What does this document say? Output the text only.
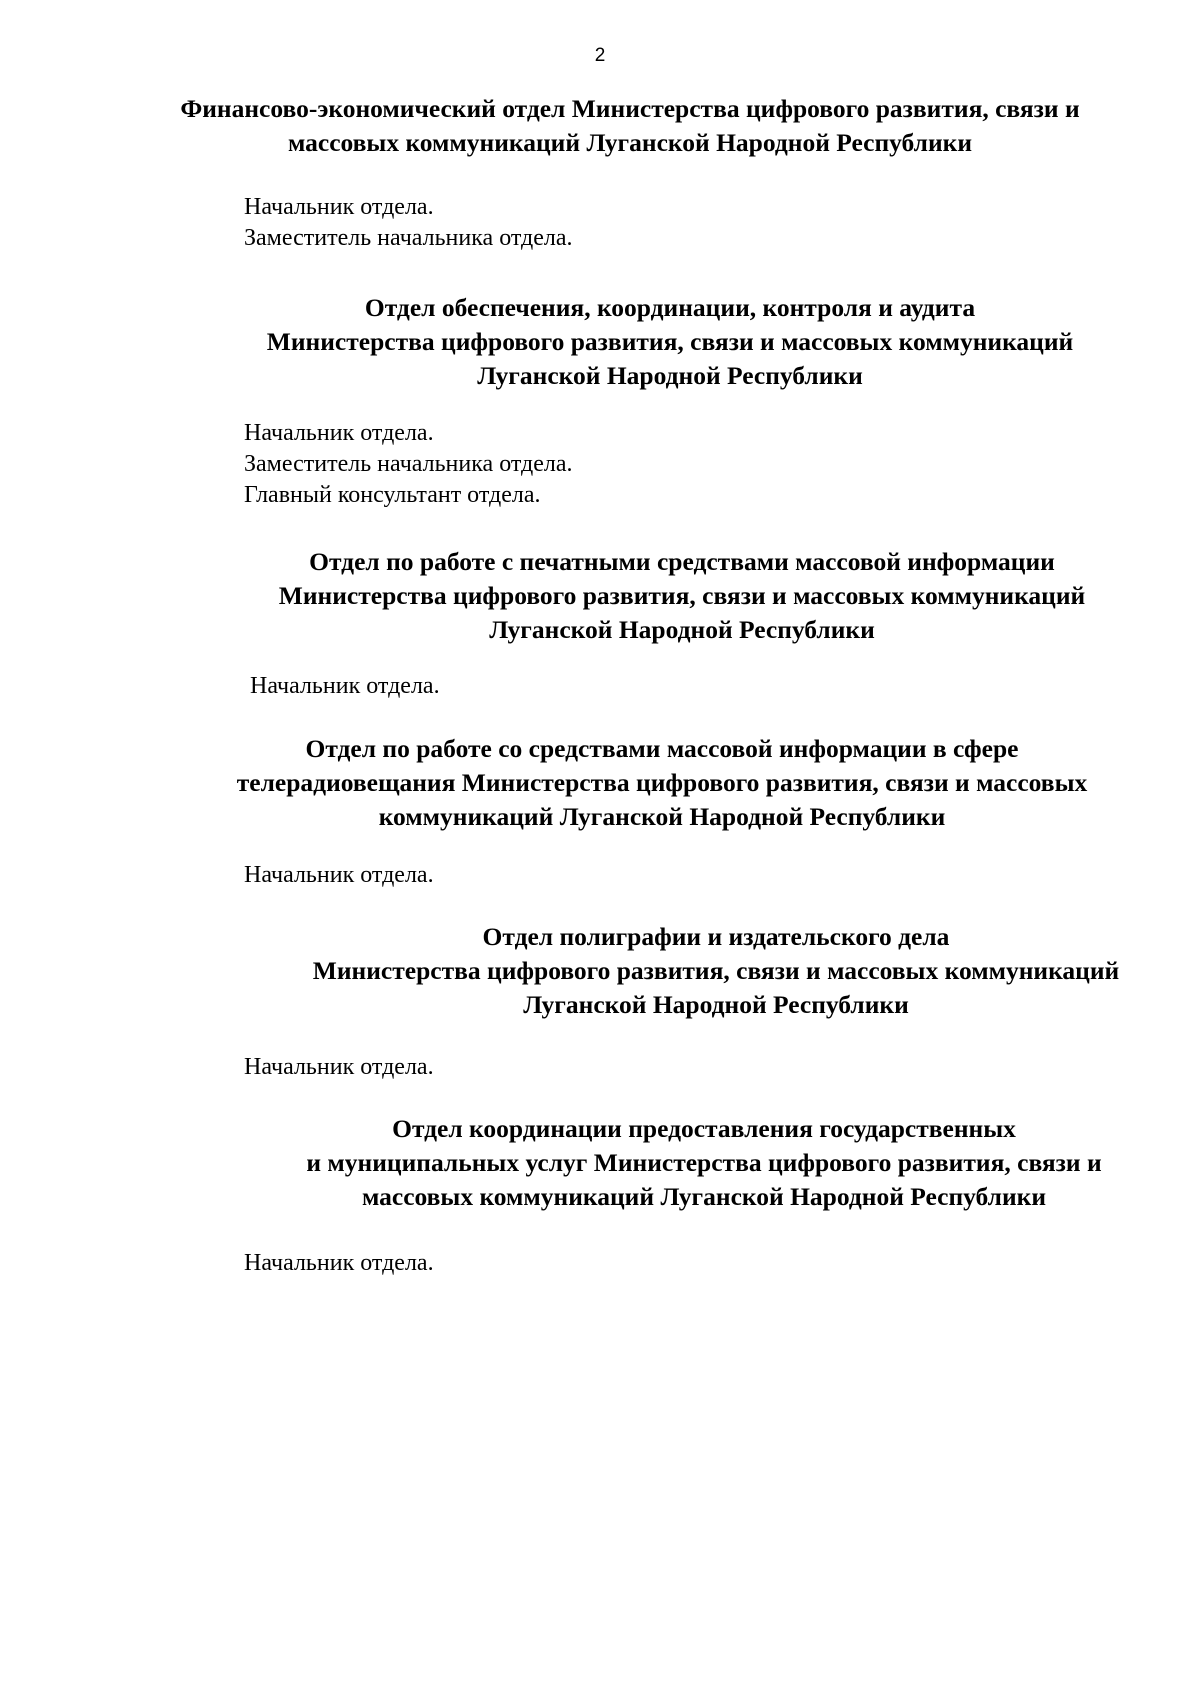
2
Финансово-экономический отдел Министерства цифрового развития, связи и
массовых коммуникаций Луганской Народной Республики
Начальник отдела.
Заместитель начальника отдела.
Отдел обеспечения, координации, контроля и аудита
Министерства цифрового развития, связи и массовых коммуникаций
Луганской Народной Республики
Начальник отдела.
Заместитель начальника отдела.
Главный консультант отдела.
Отдел по работе с печатными средствами массовой информации
Министерства цифрового развития, связи и массовых коммуникаций
Луганской Народной Республики
Начальник отдела.
Отдел по работе со средствами массовой информации в сфере
телерадиовещания Министерства цифрового развития, связи и массовых
коммуникаций Луганской Народной Республики
Начальник отдела.
Отдел полиграфии и издательского дела
Министерства цифрового развития, связи и массовых коммуникаций
Луганской Народной Республики
Начальник отдела.
Отдел координации предоставления государственных
и муниципальных услуг Министерства цифрового развития, связи и
массовых коммуникаций Луганской Народной Республики
Начальник отдела.
